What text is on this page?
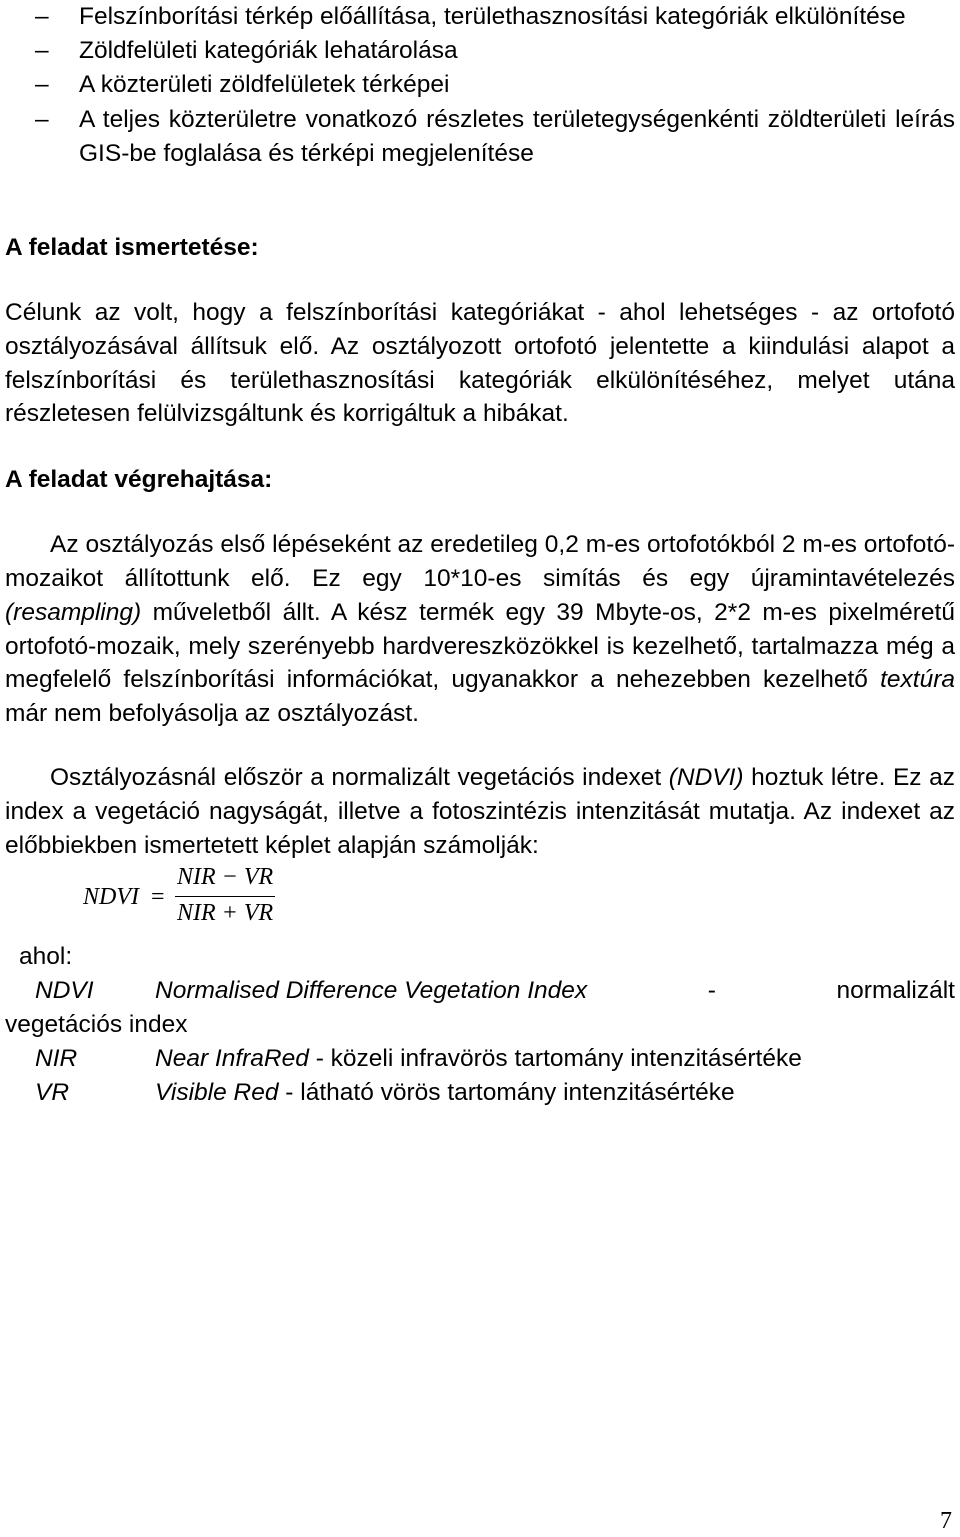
– Felszínborítási térkép előállítása, területhasznosítási kategóriák elkülönítése
– Zöldfelületi kategóriák lehatárolása
– A közterületi zöldfelületek térképei
– A teljes közterületre vonatkozó részletes területegységenkénti zöldterületi leírás GIS-be foglalása és térképi megjelenítése
A feladat ismertetése:

Célunk az volt, hogy a felszínborítási kategóriákat - ahol lehetséges - az ortofotó osztályozásával állítsuk elő. Az osztályozott ortofotó jelentette a kiindulási alapot a felszínborítási és területhasznosítási kategóriák elkülönítéséhez, melyet utána részletesen felülvizsgáltunk és korrigáltuk a hibákat.

A feladat végrehajtása:

Az osztályozás első lépéseként az eredetileg 0,2 m-es ortofotókból 2 m-es ortofotó-mozaikot állítottunk elő. Ez egy 10*10-es simítás és egy újramintavételezés (resampling) műveletből állt. A kész termék egy 39 Mbyte-os, 2*2 m-es pixelméretű ortofotó-mozaik, mely szerényebb hardvereszközökkel is kezelhető, tartalmazza még a megfelelő felszínborítási információkat, ugyanakkor a nehezebben kezelhető textúra már nem befolyásolja az osztályozást.

Osztályozásnál először a normalizált vegetációs indexet (NDVI) hoztuk létre. Ez az index a vegetáció nagyságát, illetve a fotoszintézis intenzitását mutatja. Az indexet az előbbiekben ismertetett képlet alapján számolják:

NDVI =
NIR − VR
NIR + VR
ahol:
NDVI	Normalised Difference Vegetation Index	-	normalizált
vegetációs index
NIR	Near InfraRed - közeli infravörös tartomány intenzitásértéke
VR	Visible Red - látható vörös tartomány intenzitásértéke
7
